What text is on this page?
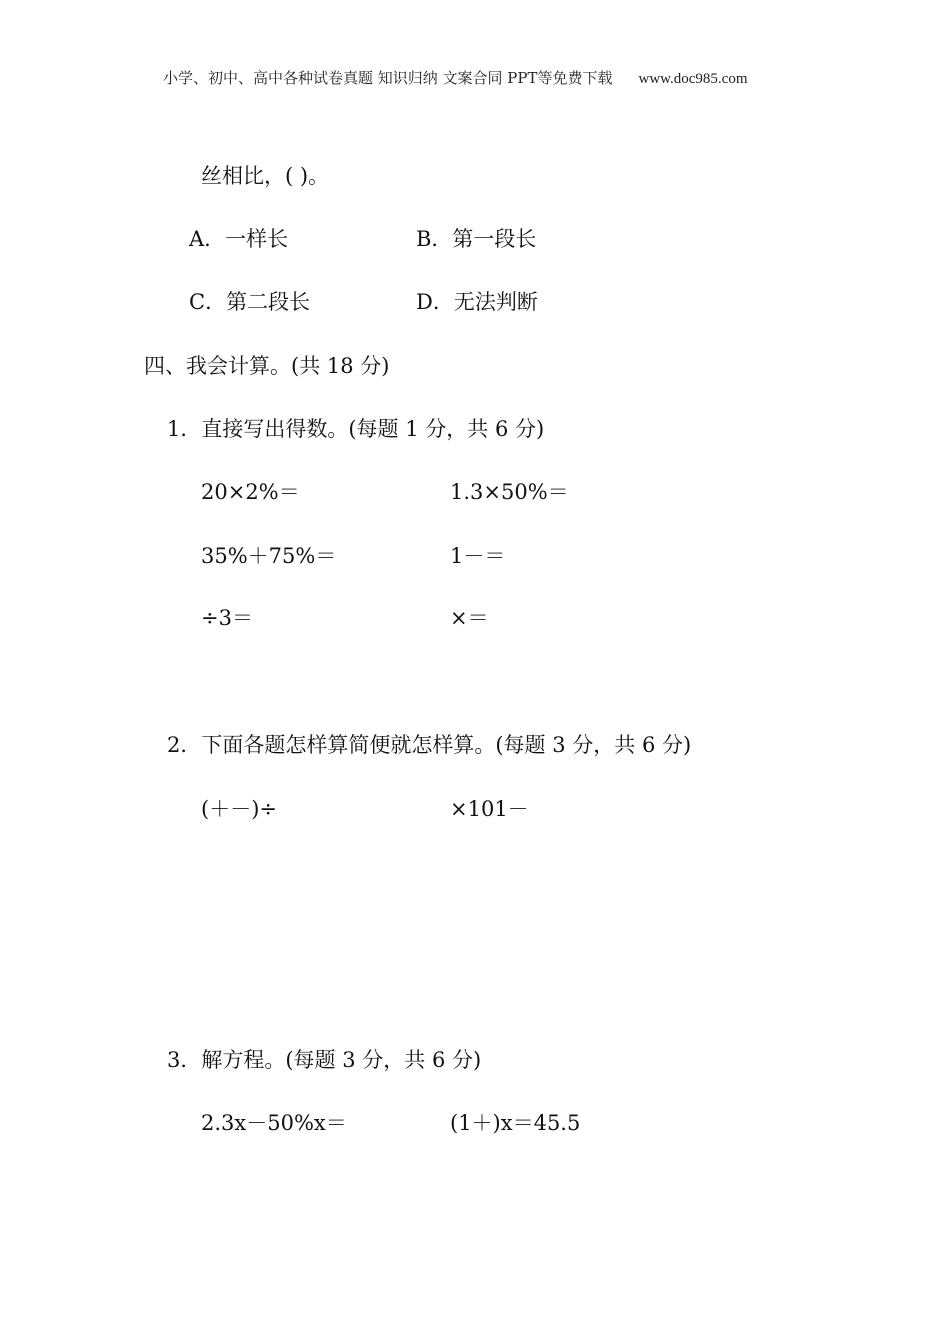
小学、初中、高中各种试卷真题 知识归纳 文案合同 PPT等免费下载 www.doc985.com
丝相比，( )。
A．一样长	B．第一段长
C．第二段长	D．无法判断
四、我会计算。(共 18 分)
1．直接写出得数。(每题 1 分，共 6 分)
20×2%＝	1.3×50%＝
35%＋75%＝	1－＝
÷3＝	×＝
2．下面各题怎样算简便就怎样算。(每题 3 分，共 6 分)
(＋－)÷	×101－
3．解方程。(每题 3 分，共 6 分)
2.3x－50%x＝	(1＋)x＝45.5
